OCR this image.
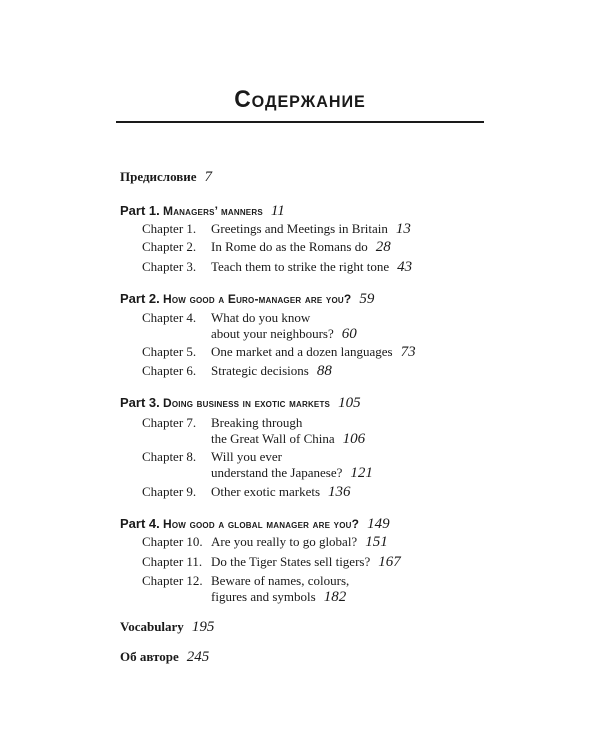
Содержание
Предисловие 7
Part 1. Managers’ manners 11
Chapter 1. Greetings and Meetings in Britain 13
Chapter 2. In Rome do as the Romans do 28
Chapter 3. Teach them to strike the right tone 43
Part 2. How good a Euro-manager are you? 59
Chapter 4. What do you know
about your neighbours? 60
Chapter 5. One market and a dozen languages 73
Chapter 6. Strategic decisions 88
Part 3. Doing business in exotic markets 105
Chapter 7. Breaking through
the Great Wall of China 106
Chapter 8. Will you ever
understand the Japanese? 121
Chapter 9. Other exotic markets 136
Part 4. How good a global manager are you? 149
Chapter 10. Are you really to go global? 151
Chapter 11. Do the Tiger States sell tigers? 167
Chapter 12. Beware of names, colours,
figures and symbols 182
Vocabulary 195
Об авторе 245
